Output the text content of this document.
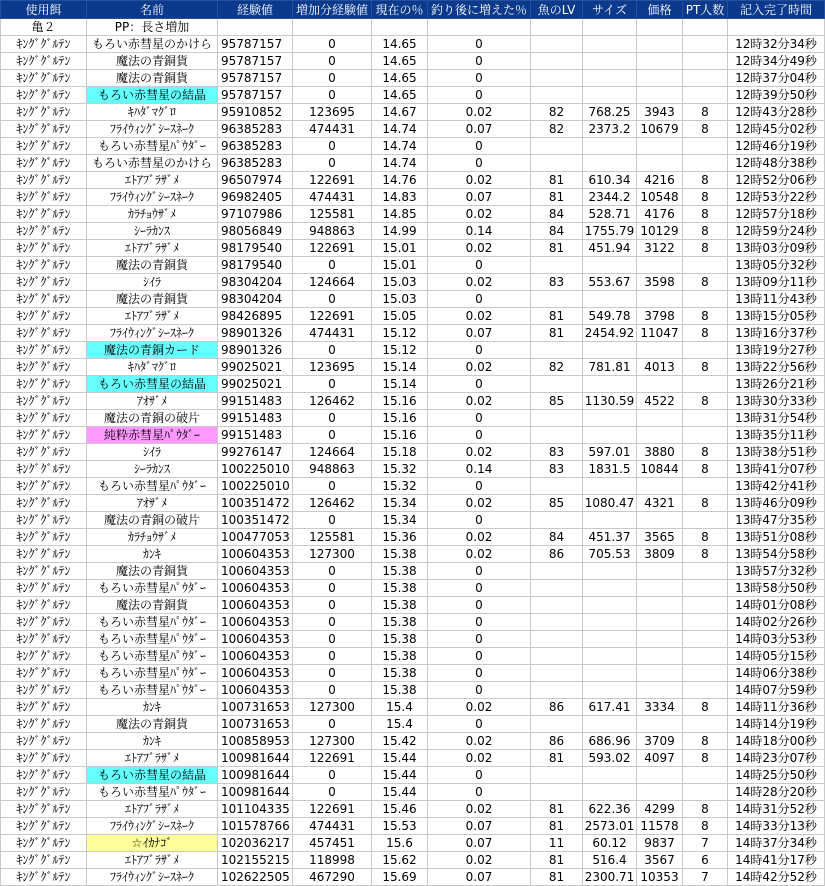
使用餌	名前	経験値	増加分経験値	現在の％	釣り後に増えた％	魚のLV	サイズ	価格	PT人数	記入完了時間
亀２	PP：長さ増加									
ｷﾝｸﾞｸﾞﾙﾃﾝ	もろい赤彗星のかけら	95787157	0	14.65	0					12時32分34秒
ｷﾝｸﾞｸﾞﾙﾃﾝ	魔法の青銅貨	95787157	0	14.65	0					12時34分49秒
ｷﾝｸﾞｸﾞﾙﾃﾝ	魔法の青銅貨	95787157	0	14.65	0					12時37分04秒
ｷﾝｸﾞｸﾞﾙﾃﾝ	もろい赤彗星の結晶	95787157	0	14.65	0					12時39分50秒
ｷﾝｸﾞｸﾞﾙﾃﾝ	ｷﾊﾀﾞﾏｸﾞﾛ	95910852	123695	14.67	0.02	82	768.25	3943	8	12時43分28秒
ｷﾝｸﾞｸﾞﾙﾃﾝ	ﾌﾗｲｳｨﾝｸﾞｼｰｽﾈｰｸ	96385283	474431	14.74	0.07	82	2373.2	10679	8	12時45分02秒
ｷﾝｸﾞｸﾞﾙﾃﾝ	もろい赤彗星ﾊﾟｳﾀﾞｰ	96385283	0	14.74	0					12時46分19秒
ｷﾝｸﾞｸﾞﾙﾃﾝ	もろい赤彗星のかけら	96385283	0	14.74	0					12時48分38秒
ｷﾝｸﾞｸﾞﾙﾃﾝ	ｴﾄｱﾌﾞﾗｻﾞﾒ	96507974	122691	14.76	0.02	81	610.34	4216	8	12時52分06秒
ｷﾝｸﾞｸﾞﾙﾃﾝ	ﾌﾗｲｳｨﾝｸﾞｼｰｽﾈｰｸ	96982405	474431	14.83	0.07	81	2344.2	10548	8	12時53分22秒
ｷﾝｸﾞｸﾞﾙﾃﾝ	ｶﾗﾁｮｳｻﾞﾒ	97107986	125581	14.85	0.02	84	528.71	4176	8	12時57分18秒
ｷﾝｸﾞｸﾞﾙﾃﾝ	ｼｰﾗｶﾝｽ	98056849	948863	14.99	0.14	84	1755.79	10129	8	12時59分24秒
ｷﾝｸﾞｸﾞﾙﾃﾝ	ｴﾄｱﾌﾞﾗｻﾞﾒ	98179540	122691	15.01	0.02	81	451.94	3122	8	13時03分09秒
ｷﾝｸﾞｸﾞﾙﾃﾝ	魔法の青銅貨	98179540	0	15.01	0					13時05分32秒
ｷﾝｸﾞｸﾞﾙﾃﾝ	ｼｲﾗ	98304204	124664	15.03	0.02	83	553.67	3598	8	13時09分11秒
ｷﾝｸﾞｸﾞﾙﾃﾝ	魔法の青銅貨	98304204	0	15.03	0					13時11分43秒
ｷﾝｸﾞｸﾞﾙﾃﾝ	ｴﾄｱﾌﾞﾗｻﾞﾒ	98426895	122691	15.05	0.02	81	549.78	3798	8	13時15分05秒
ｷﾝｸﾞｸﾞﾙﾃﾝ	ﾌﾗｲｳｨﾝｸﾞｼｰｽﾈｰｸ	98901326	474431	15.12	0.07	81	2454.92	11047	8	13時16分37秒
ｷﾝｸﾞｸﾞﾙﾃﾝ	魔法の青銅カード	98901326	0	15.12	0					13時19分27秒
ｷﾝｸﾞｸﾞﾙﾃﾝ	ｷﾊﾀﾞﾏｸﾞﾛ	99025021	123695	15.14	0.02	82	781.81	4013	8	13時22分56秒
ｷﾝｸﾞｸﾞﾙﾃﾝ	もろい赤彗星の結晶	99025021	0	15.14	0					13時26分21秒
ｷﾝｸﾞｸﾞﾙﾃﾝ	ｱｵｻﾞﾒ	99151483	126462	15.16	0.02	85	1130.59	4522	8	13時30分33秒
ｷﾝｸﾞｸﾞﾙﾃﾝ	魔法の青銅の破片	99151483	0	15.16	0					13時31分54秒
ｷﾝｸﾞｸﾞﾙﾃﾝ	純粋赤彗星ﾊﾟｳﾀﾞｰ	99151483	0	15.16	0					13時35分11秒
ｷﾝｸﾞｸﾞﾙﾃﾝ	ｼｲﾗ	99276147	124664	15.18	0.02	83	597.01	3880	8	13時38分51秒
ｷﾝｸﾞｸﾞﾙﾃﾝ	ｼｰﾗｶﾝｽ	100225010	948863	15.32	0.14	83	1831.5	10844	8	13時41分07秒
ｷﾝｸﾞｸﾞﾙﾃﾝ	もろい赤彗星ﾊﾟｳﾀﾞｰ	100225010	0	15.32	0					13時42分41秒
ｷﾝｸﾞｸﾞﾙﾃﾝ	ｱｵｻﾞﾒ	100351472	126462	15.34	0.02	85	1080.47	4321	8	13時46分09秒
ｷﾝｸﾞｸﾞﾙﾃﾝ	魔法の青銅の破片	100351472	0	15.34	0					13時47分35秒
ｷﾝｸﾞｸﾞﾙﾃﾝ	ｶﾗﾁｮｳｻﾞﾒ	100477053	125581	15.36	0.02	84	451.37	3565	8	13時51分08秒
ｷﾝｸﾞｸﾞﾙﾃﾝ	ｶﾝｷ	100604353	127300	15.38	0.02	86	705.53	3809	8	13時54分58秒
ｷﾝｸﾞｸﾞﾙﾃﾝ	魔法の青銅貨	100604353	0	15.38	0					13時57分32秒
ｷﾝｸﾞｸﾞﾙﾃﾝ	もろい赤彗星ﾊﾟｳﾀﾞｰ	100604353	0	15.38	0					13時58分50秒
ｷﾝｸﾞｸﾞﾙﾃﾝ	魔法の青銅貨	100604353	0	15.38	0					14時01分08秒
ｷﾝｸﾞｸﾞﾙﾃﾝ	もろい赤彗星ﾊﾟｳﾀﾞｰ	100604353	0	15.38	0					14時02分26秒
ｷﾝｸﾞｸﾞﾙﾃﾝ	もろい赤彗星ﾊﾟｳﾀﾞｰ	100604353	0	15.38	0					14時03分53秒
ｷﾝｸﾞｸﾞﾙﾃﾝ	もろい赤彗星ﾊﾟｳﾀﾞｰ	100604353	0	15.38	0					14時05分15秒
ｷﾝｸﾞｸﾞﾙﾃﾝ	もろい赤彗星ﾊﾟｳﾀﾞｰ	100604353	0	15.38	0					14時06分38秒
ｷﾝｸﾞｸﾞﾙﾃﾝ	もろい赤彗星ﾊﾟｳﾀﾞｰ	100604353	0	15.38	0					14時07分59秒
ｷﾝｸﾞｸﾞﾙﾃﾝ	ｶﾝｷ	100731653	127300	15.4	0.02	86	617.41	3334	8	14時11分36秒
ｷﾝｸﾞｸﾞﾙﾃﾝ	魔法の青銅貨	100731653	0	15.4	0					14時14分19秒
ｷﾝｸﾞｸﾞﾙﾃﾝ	ｶﾝｷ	100858953	127300	15.42	0.02	86	686.96	3709	8	14時18分00秒
ｷﾝｸﾞｸﾞﾙﾃﾝ	ｴﾄｱﾌﾞﾗｻﾞﾒ	100981644	122691	15.44	0.02	81	593.02	4097	8	14時23分07秒
ｷﾝｸﾞｸﾞﾙﾃﾝ	もろい赤彗星の結晶	100981644	0	15.44	0					14時25分50秒
ｷﾝｸﾞｸﾞﾙﾃﾝ	もろい赤彗星ﾊﾟｳﾀﾞｰ	100981644	0	15.44	0					14時28分20秒
ｷﾝｸﾞｸﾞﾙﾃﾝ	ｴﾄｱﾌﾞﾗｻﾞﾒ	101104335	122691	15.46	0.02	81	622.36	4299	8	14時31分52秒
ｷﾝｸﾞｸﾞﾙﾃﾝ	ﾌﾗｲｳｨﾝｸﾞｼｰｽﾈｰｸ	101578766	474431	15.53	0.07	81	2573.01	11578	8	14時33分13秒
ｷﾝｸﾞｸﾞﾙﾃﾝ	☆ｲｶﾅｺﾞ	102036217	457451	15.6	0.07	11	60.12	9837	7	14時37分34秒
ｷﾝｸﾞｸﾞﾙﾃﾝ	ｴﾄｱﾌﾞﾗｻﾞﾒ	102155215	118998	15.62	0.02	81	516.4	3567	6	14時41分17秒
ｷﾝｸﾞｸﾞﾙﾃﾝ	ﾌﾗｲｳｨﾝｸﾞｼｰｽﾈｰｸ	102622505	467290	15.69	0.07	81	2300.71	10353	7	14時42分52秒
